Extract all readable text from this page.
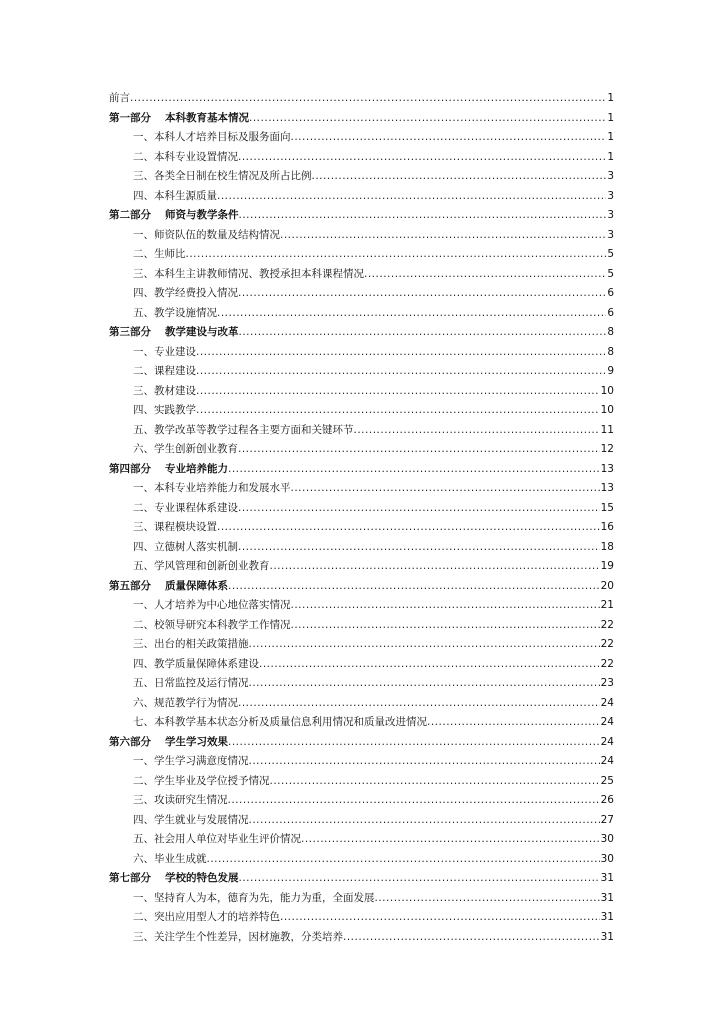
前言 .....	1
第一部分 本科教育基本情况 .....	1
一、本科人才培养目标及服务面向 .....	1
二、本科专业设置情况 .....	1
三、各类全日制在校生情况及所占比例 .....	3
四、本科生源质量 .....	3
第二部分 师资与教学条件 .....	3
一、师资队伍的数量及结构情况 .....	3
二、生师比 .....	5
三、本科生主讲教师情况、教授承担本科课程情况 .....	5
四、教学经费投入情况 .....	6
五、教学设施情况 .....	6
第三部分 教学建设与改革 .....	8
一、专业建设 .....	8
二、课程建设 .....	9
三、教材建设 .....	10
四、实践教学 .....	10
五、教学改革等教学过程各主要方面和关键环节 .....	11
六、学生创新创业教育 .....	12
第四部分 专业培养能力 .....	13
一、本科专业培养能力和发展水平 .....	13
二、专业课程体系建设 .....	15
三、课程模块设置 .....	16
四、立德树人落实机制 .....	18
五、学风管理和创新创业教育 .....	19
第五部分 质量保障体系 .....	20
一、人才培养为中心地位落实情况 .....	21
二、校领导研究本科教学工作情况 .....	22
三、出台的相关政策措施 .....	22
四、教学质量保障体系建设 .....	22
五、日常监控及运行情况 .....	23
六、规范教学行为情况 .....	24
七、本科教学基本状态分析及质量信息利用情况和质量改进情况 .....	24
第六部分 学生学习效果 .....	24
一、学生学习满意度情况 .....	24
二、学生毕业及学位授予情况 .....	25
三、攻读研究生情况 .....	26
四、学生就业与发展情况 .....	27
五、社会用人单位对毕业生评价情况 .....	30
六、毕业生成就 .....	30
第七部分 学校的特色发展 .....	31
一、坚持育人为本，德育为先，能力为重，全面发展 .....	31
二、突出应用型人才的培养特色 .....	31
三、关注学生个性差异，因材施教，分类培养 .....	31
